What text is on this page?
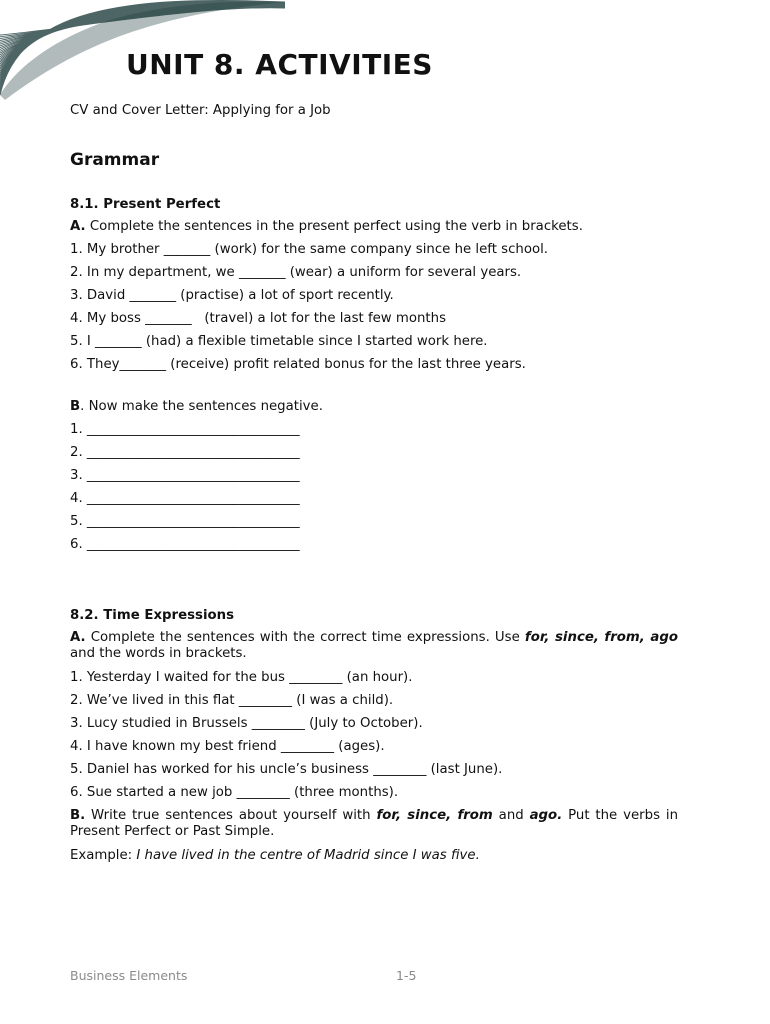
UNIT 8. ACTIVITIES

CV and Cover Letter: Applying for a Job

Grammar
8.1. Present Perfect

A. Complete the sentences in the present perfect using the verb in brackets.

1. My brother _______ (work) for the same company since he left school.

2. In my department, we _______ (wear) a uniform for several years.

3. David _______ (practise) a lot of sport recently.

4. My boss _______   (travel) a lot for the last few months

5. I _______ (had) a flexible timetable since I started work here.

6. They_______ (receive) profit related bonus for the last three years.

B. Now make the sentences negative.

1. ________________________________

2. ________________________________

3. ________________________________

4. ________________________________

5. ________________________________

6. ________________________________

8.2. Time Expressions

A. Complete the sentences with the correct time expressions. Use for, since, from, ago and the words in brackets.

1. Yesterday I waited for the bus ________ (an hour).

2. We’ve lived in this flat ________ (I was a child).

3. Lucy studied in Brussels ________ (July to October).

4. I have known my best friend ________ (ages).

5. Daniel has worked for his uncle’s business ________ (last June).

6. Sue started a new job ________ (three months).

B. Write true sentences about yourself with for, since, from and ago. Put the verbs in Present Perfect or Past Simple.

Example: I have lived in the centre of Madrid since I was five.

Business Elements	1-5
